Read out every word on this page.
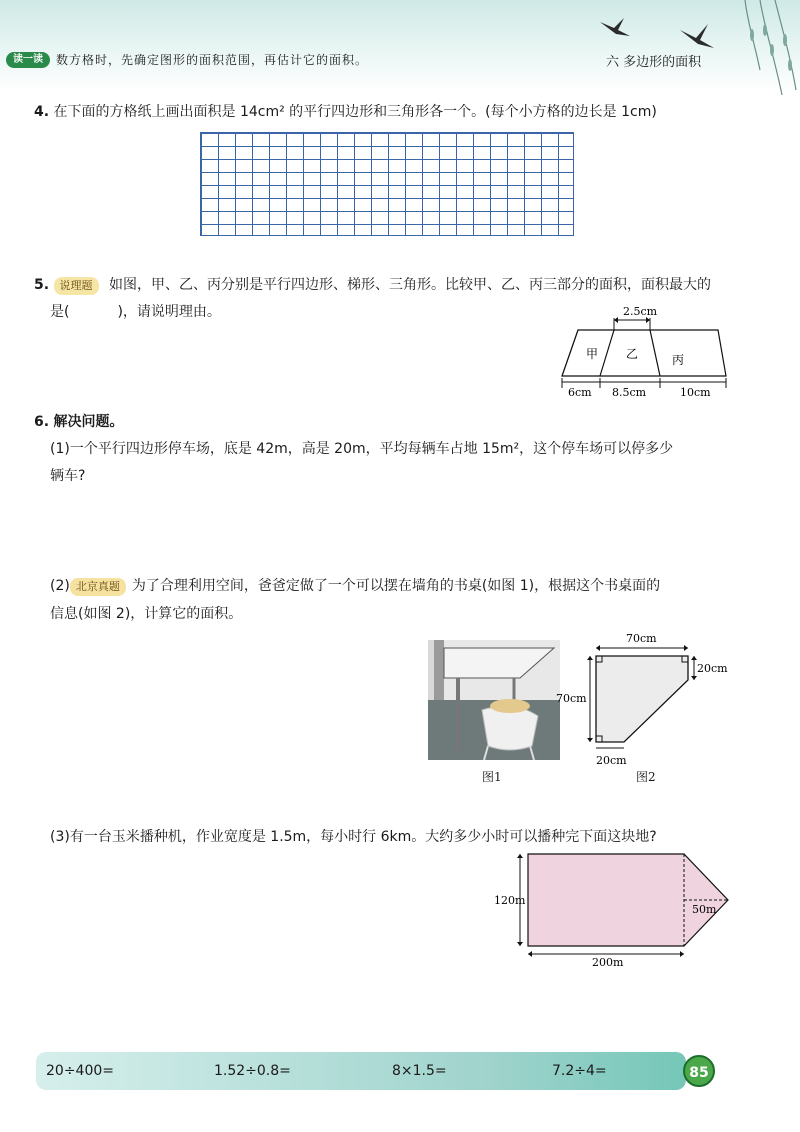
读一读	数方格时，先确定图形的面积范围，再估计它的面积。	六 多边形的面积
4. 在下面的方格纸上画出面积是 14cm² 的平行四边形和三角形各一个。(每个小方格的边长是 1cm)
5. 说理题 如图，甲、乙、丙分别是平行四边形、梯形、三角形。比较甲、乙、丙三部分的面积，面积最大的
是(	)，请说明理由。	2.5cm
甲 乙	丙
6cm 8.5cm	10cm
6. 解决问题。
(1)一个平行四边形停车场，底是 42m，高是 20m，平均每辆车占地 15m²，这个停车场可以停多少
辆车?
(2) 北京真题 为了合理利用空间，爸爸定做了一个可以摆在墙角的书桌(如图 1)，根据这个书桌面的
信息(如图 2)，计算它的面积。
图1
70cm
20cm
70cm
20cm
图2
(3)有一台玉米播种机，作业宽度是 1.5m，每小时行 6km。大约多少小时可以播种完下面这块地?
120m
50m
200m
20÷400=	1.52÷0.8=	8×1.5=	7.2÷4=	85
